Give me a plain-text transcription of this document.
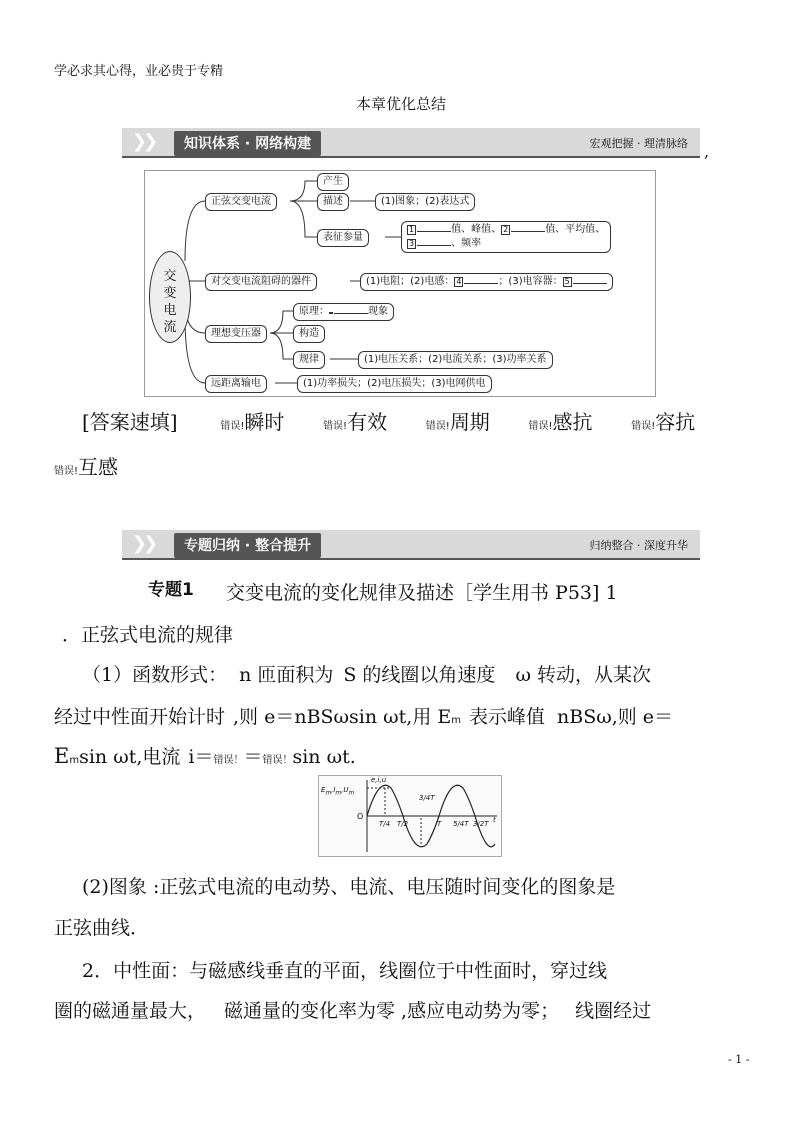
学必求其心得，业必贵于专精
本章优化总结
❯❯	知识体系 · 网络构建	宏观把握 · 理清脉络 ,
交变电流
正弦交变电流
产生
描述	(1)图象；(2)表达式
表征参量
1	值、峰值、 2	值、平均值、
3	、频率
对交变电流阻碍的器件	(1)电阻；(2)电感： 4	；(3)电容器： 5
理想变压器
原理：	现象
构造
规律	(1)电压关系；(2)电流关系；(3)功率关系
远距离输电	(1)功率损失；(2)电压损失；(3)电网供电
[答案速填]	错误!瞬时	错误!有效	错误!周期	错误!感抗	错误!容抗
错误!互感
❯❯	专题归纳 · 整合提升	归纳整合 · 深度升华
专题1 交变电流的变化规律及描述［学生用书 P53] 1
．正弦式电流的规律
（1）函数形式： n 匝面积为 S 的线圈以角速度 ω 转动，从某次
经过中性面开始计时 ,则 e＝nBSωsin ωt,用 Em 表示峰值 nBSω,则 e＝
Emsin ωt,电流 i＝错误！＝错误！sin ωt.
$E_m,I_m,U_m$
e,i,u
O	t
T/4 T/2	T 5/4T 3/2T
3/4T
(2)图象 :正弦式电流的电动势、电流、电压随时间变化的图象是
正弦曲线．
2．中性面：与磁感线垂直的平面，线圈位于中性面时，穿过线
圈的磁通量最大， 磁通量的变化率为零 ,感应电动势为零； 线圈经过
- 1 -
